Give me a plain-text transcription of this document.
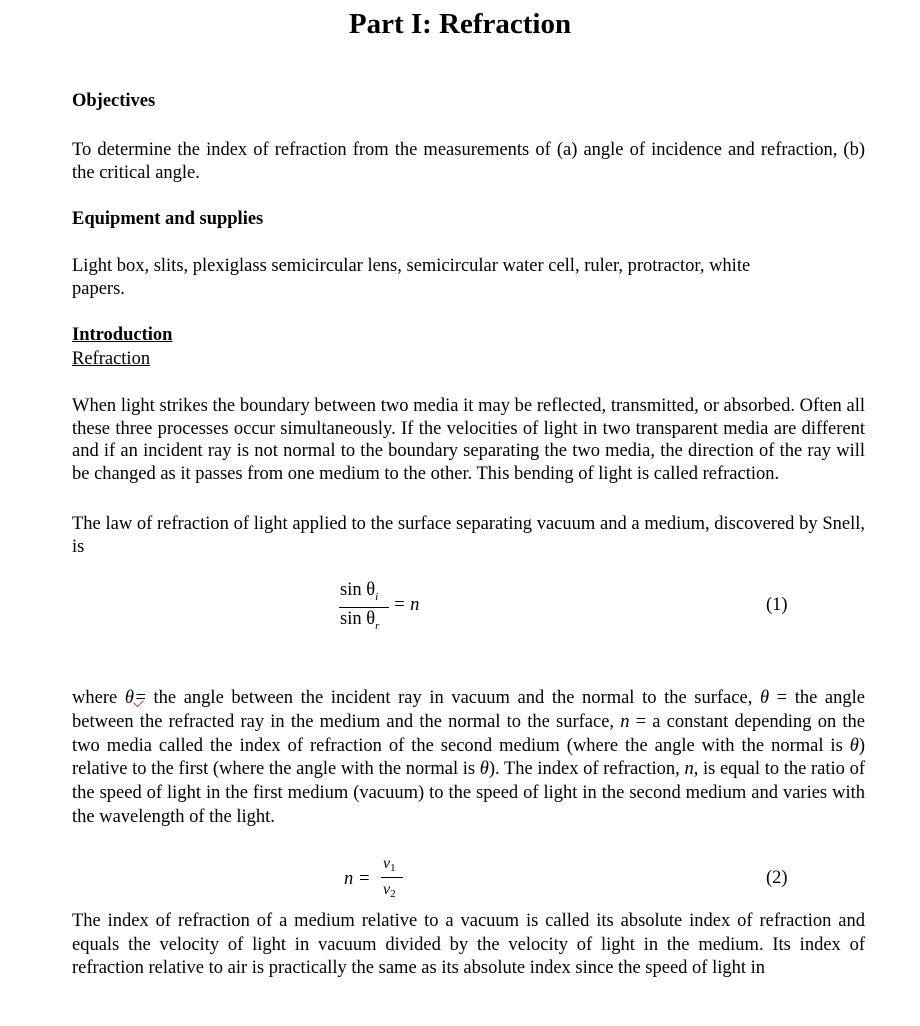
Part I: Refraction
Objectives

To determine the index of refraction from the measurements of (a) angle of incidence and refraction, (b) the critical angle.

Equipment and supplies
Light box, slits, plexiglass semicircular lens, semicircular water cell, ruler, protractor, white
papers.
Introduction
Refraction

When light strikes the boundary between two media it may be reflected, transmitted, or absorbed. Often all these three processes occur simultaneously. If the velocities of light in two transparent media are different and if an incident ray is not normal to the boundary separating the two media, the direction of the ray will be changed as it passes from one medium to the other. This bending of light is called refraction.

The law of refraction of light applied to the surface separating vacuum and a medium, discovered by Snell, is

$\sin \theta_i$
$\sin \theta_r$
= n	(1)

where θ
 = the angle between the incident ray in vacuum and the normal to the surface, θ = the angle between the refracted ray in the medium and the normal to the surface, n = a constant depending on the two media called the index of refraction of the second medium (where the angle with the normal is θ) relative to the first (where the angle with the normal is θ). The index of refraction, n, is equal to the ratio of the speed of light in the first medium (vacuum) to the speed of light in the second medium and varies with the wavelength of the light.

n =
v1
v2
(2)

The index of refraction of a medium relative to a vacuum is called its absolute index of refraction and equals the velocity of light in vacuum divided by the velocity of light in the medium. Its index of refraction relative to air is practically the same as its absolute index since the speed of light in
